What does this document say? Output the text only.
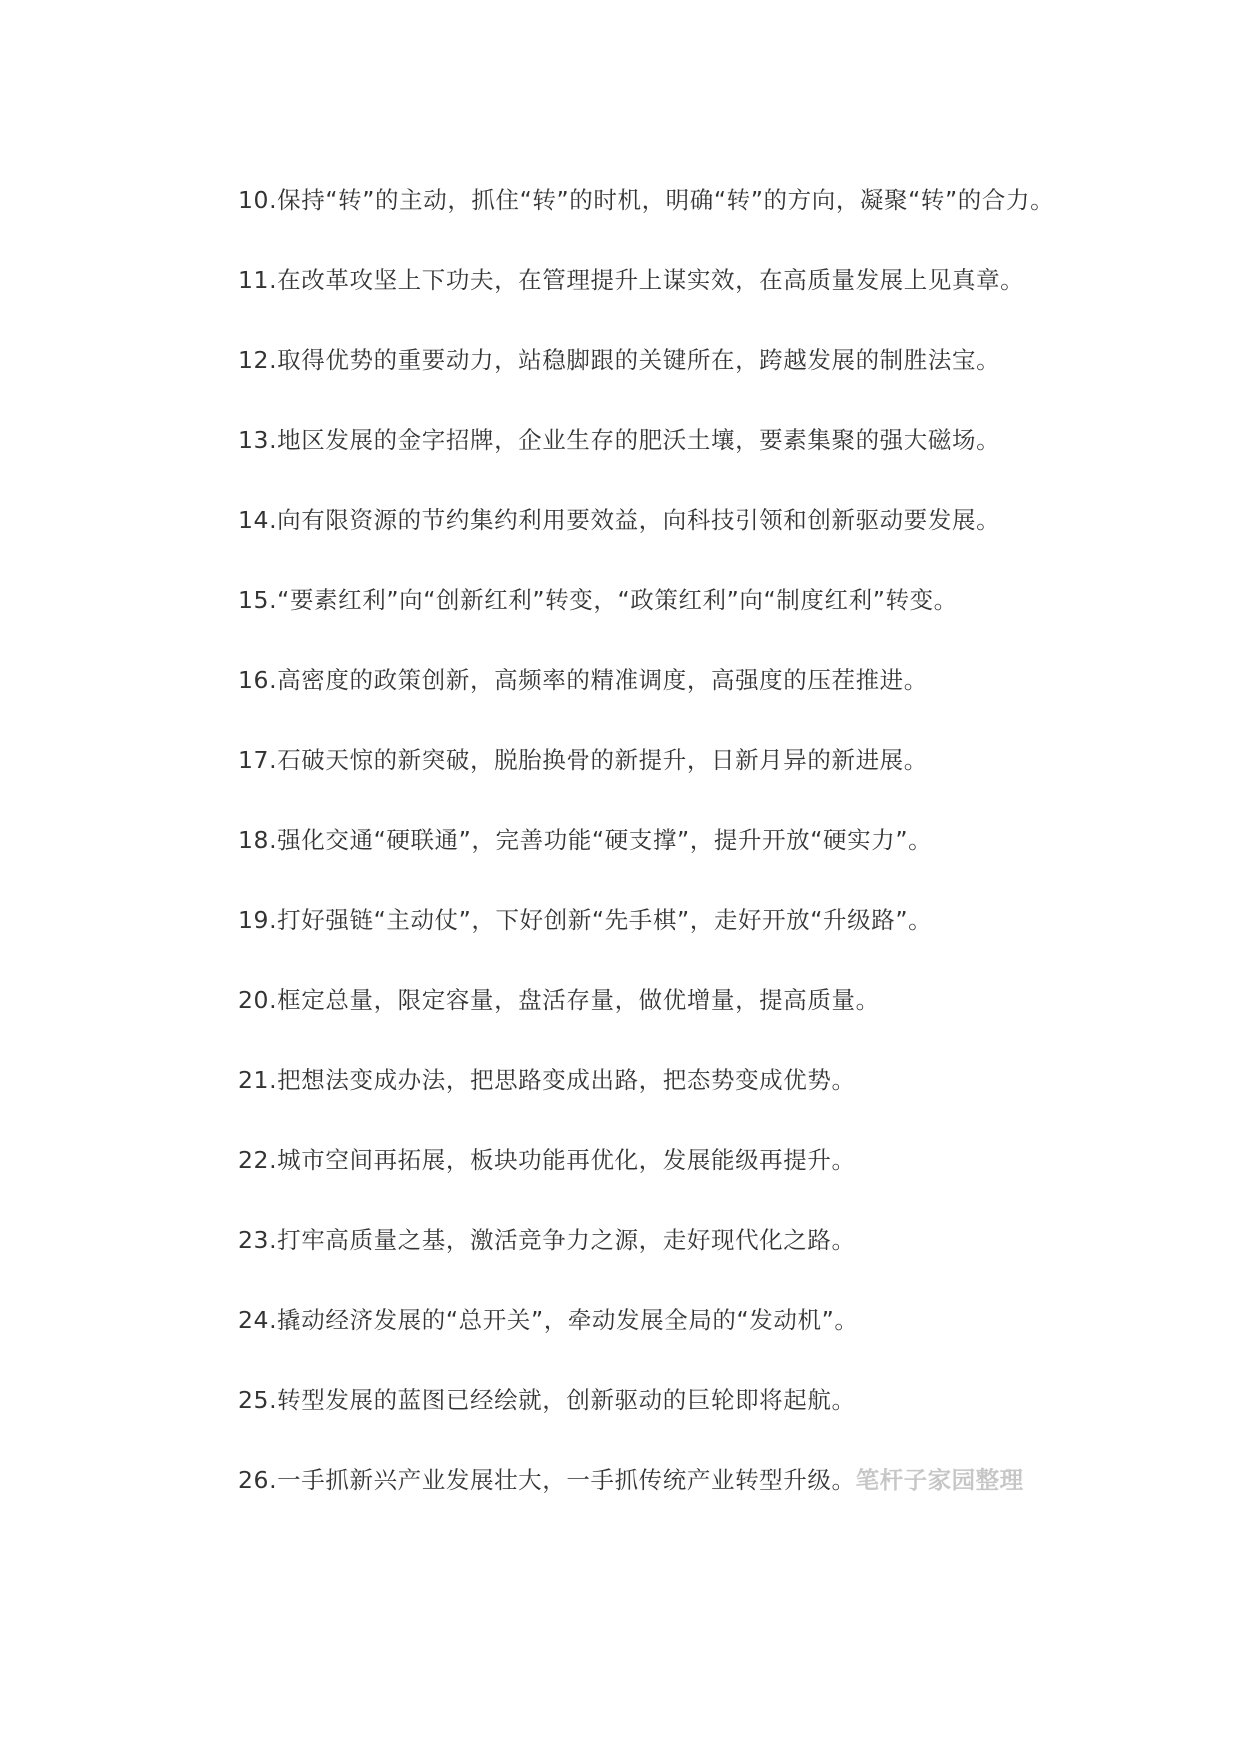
10.保持“转”的主动，抓住“转”的时机，明确“转”的方向，凝聚“转”的合力。

11.在改革攻坚上下功夫，在管理提升上谋实效，在高质量发展上见真章。

12.取得优势的重要动力，站稳脚跟的关键所在，跨越发展的制胜法宝。

13.地区发展的金字招牌，企业生存的肥沃土壤，要素集聚的强大磁场。

14.向有限资源的节约集约利用要效益，向科技引领和创新驱动要发展。

15.“要素红利”向“创新红利”转变，“政策红利”向“制度红利”转变。

16.高密度的政策创新，高频率的精准调度，高强度的压茬推进。

17.石破天惊的新突破，脱胎换骨的新提升，日新月异的新进展。

18.强化交通“硬联通”，完善功能“硬支撑”，提升开放“硬实力”。

19.打好强链“主动仗”，下好创新“先手棋”，走好开放“升级路”。

20.框定总量，限定容量，盘活存量，做优增量，提高质量。

21.把想法变成办法，把思路变成出路，把态势变成优势。

22.城市空间再拓展，板块功能再优化，发展能级再提升。

23.打牢高质量之基，激活竞争力之源，走好现代化之路。

24.撬动经济发展的“总开关”，牵动发展全局的“发动机”。

25.转型发展的蓝图已经绘就，创新驱动的巨轮即将起航。

26.一手抓新兴产业发展壮大，一手抓传统产业转型升级。笔杆子家园整理
